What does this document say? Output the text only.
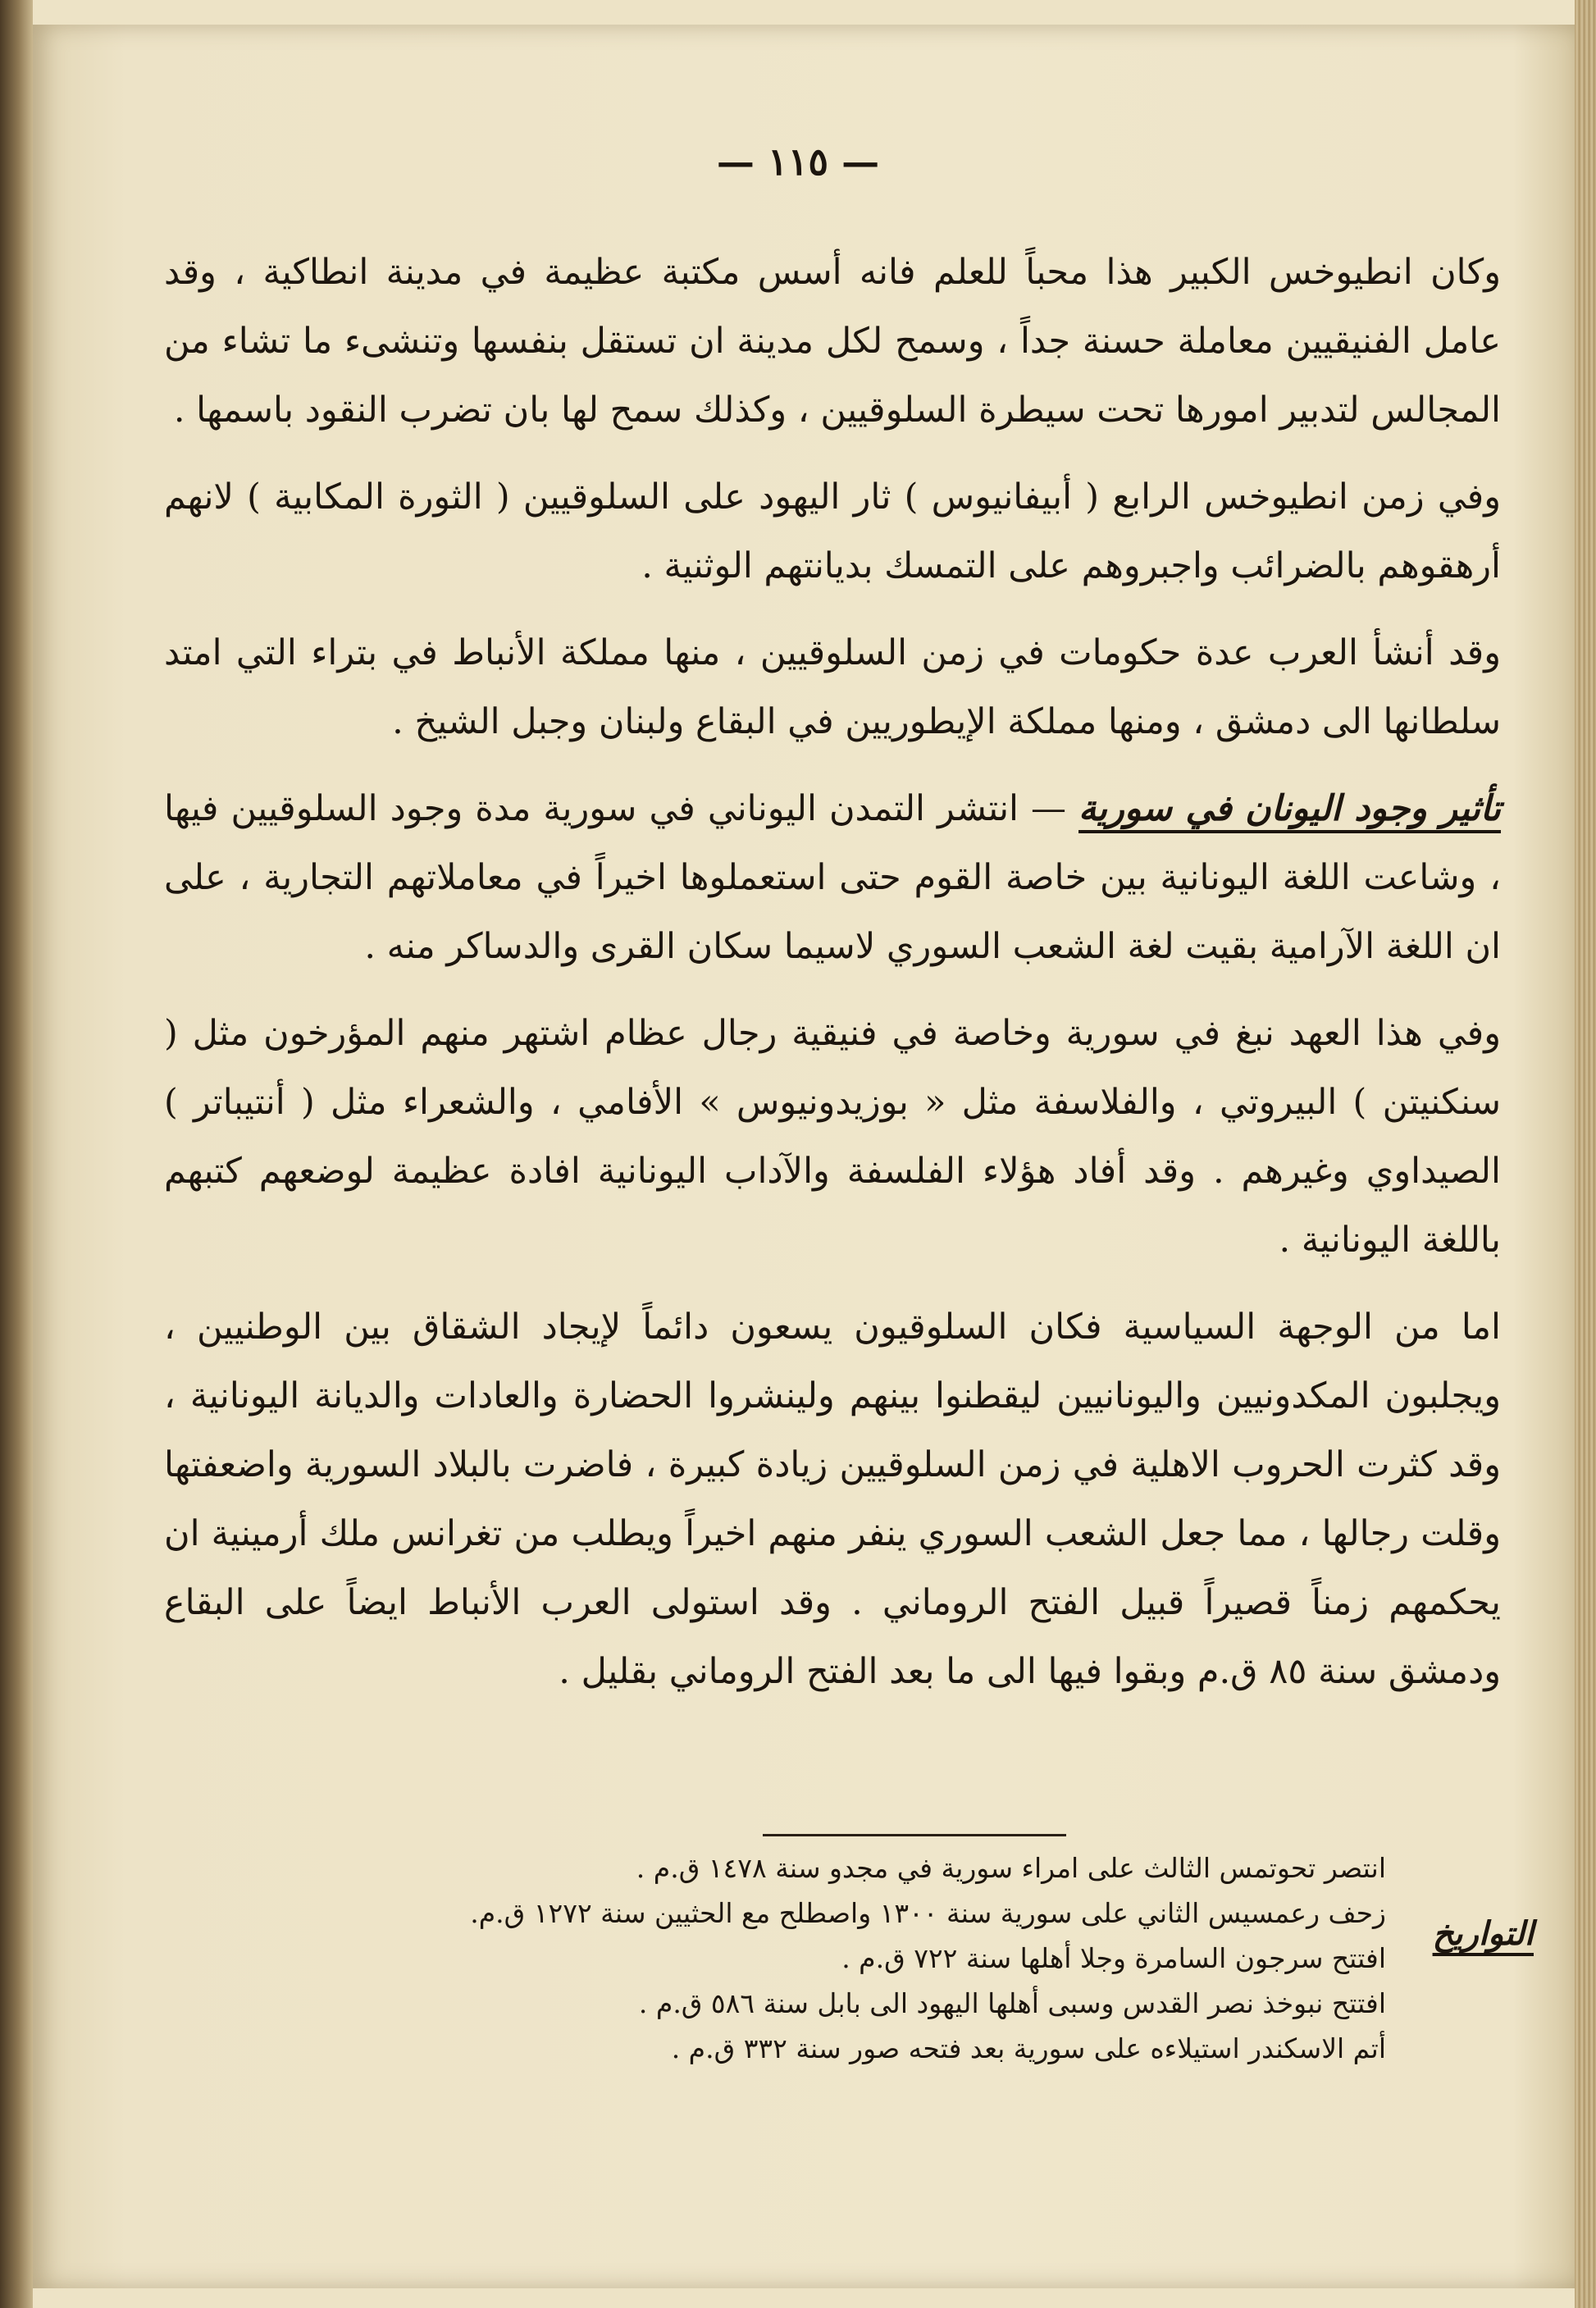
— ١١٥ —

وكان انطيوخس الكبير هذا محباً للعلم فانه أسس مكتبة عظيمة في مدينة انطاكية ، وقد عامل الفنيقيين معاملة حسنة جداً ، وسمح لكل مدينة ان تستقل بنفسها وتنشىء ما تشاء من المجالس لتدبير امورها تحت سيطرة السلوقيين ، وكذلك سمح لها بان تضرب النقود باسمها .

وفي زمن انطيوخس الرابع ( أبيفانيوس ) ثار اليهود على السلوقيين ( الثورة المكابية ) لانهم أرهقوهم بالضرائب واجبروهم على التمسك بديانتهم الوثنية .

وقد أنشأ العرب عدة حكومات في زمن السلوقيين ، منها مملكة الأنباط في بتراء التي امتد سلطانها الى دمشق ، ومنها مملكة الإيطوريين في البقاع ولبنان وجبل الشيخ .

تأثير وجود اليونان في سورية — انتشر التمدن اليوناني في سورية مدة وجود السلوقيين فيها ، وشاعت اللغة اليونانية بين خاصة القوم حتى استعملوها اخيراً في معاملاتهم التجارية ، على ان اللغة الآرامية بقيت لغة الشعب السوري لاسيما سكان القرى والدساكر منه .

وفي هذا العهد نبغ في سورية وخاصة في فنيقية رجال عظام اشتهر منهم المؤرخون مثل ( سنكنيتن ) البيروتي ، والفلاسفة مثل « بوزيدونيوس » الأفامي ، والشعراء مثل ( أنتيباتر ) الصيداوي وغيرهم . وقد أفاد هؤلاء الفلسفة والآداب اليونانية افادة عظيمة لوضعهم كتبهم باللغة اليونانية .

اما من الوجهة السياسية فكان السلوقيون يسعون دائماً لإيجاد الشقاق بين الوطنيين ، ويجلبون المكدونيين واليونانيين ليقطنوا بينهم ولينشروا الحضارة والعادات والديانة اليونانية ، وقد كثرت الحروب الاهلية في زمن السلوقيين زيادة كبيرة ، فاضرت بالبلاد السورية واضعفتها وقلت رجالها ، مما جعل الشعب السوري ينفر منهم اخيراً ويطلب من تغرانس ملك أرمينية ان يحكمهم زمناً قصيراً قبيل الفتح الروماني . وقد استولى العرب الأنباط ايضاً على البقاع ودمشق سنة ٨٥ ق.م وبقوا فيها الى ما بعد الفتح الروماني بقليل .

التواريخ
انتصر تحوتمس الثالث على امراء سورية في مجدو سنة ١٤٧٨ ق.م .
زحف رعمسيس الثاني على سورية سنة ١٣٠٠ واصطلح مع الحثيين سنة ١٢٧٢ ق.م.
افتتح سرجون السامرة وجلا أهلها سنة ٧٢٢ ق.م .
افتتح نبوخذ نصر القدس وسبى أهلها اليهود الى بابل سنة ٥٨٦ ق.م .
أتم الاسكندر استيلاءه على سورية بعد فتحه صور سنة ٣٣٢ ق.م .
